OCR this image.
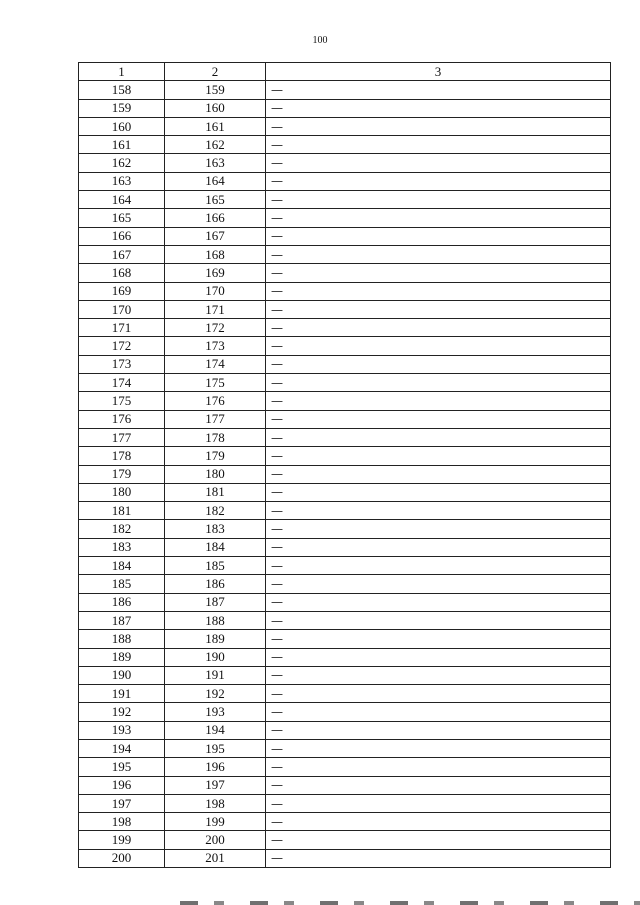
100
1	2	3
158	159	—
159	160	—
160	161	—
161	162	—
162	163	—
163	164	—
164	165	—
165	166	—
166	167	—
167	168	—
168	169	—
169	170	—
170	171	—
171	172	—
172	173	—
173	174	—
174	175	—
175	176	—
176	177	—
177	178	—
178	179	—
179	180	—
180	181	—
181	182	—
182	183	—
183	184	—
184	185	—
185	186	—
186	187	—
187	188	—
188	189	—
189	190	—
190	191	—
191	192	—
192	193	—
193	194	—
194	195	—
195	196	—
196	197	—
197	198	—
198	199	—
199	200	—
200	201	—
